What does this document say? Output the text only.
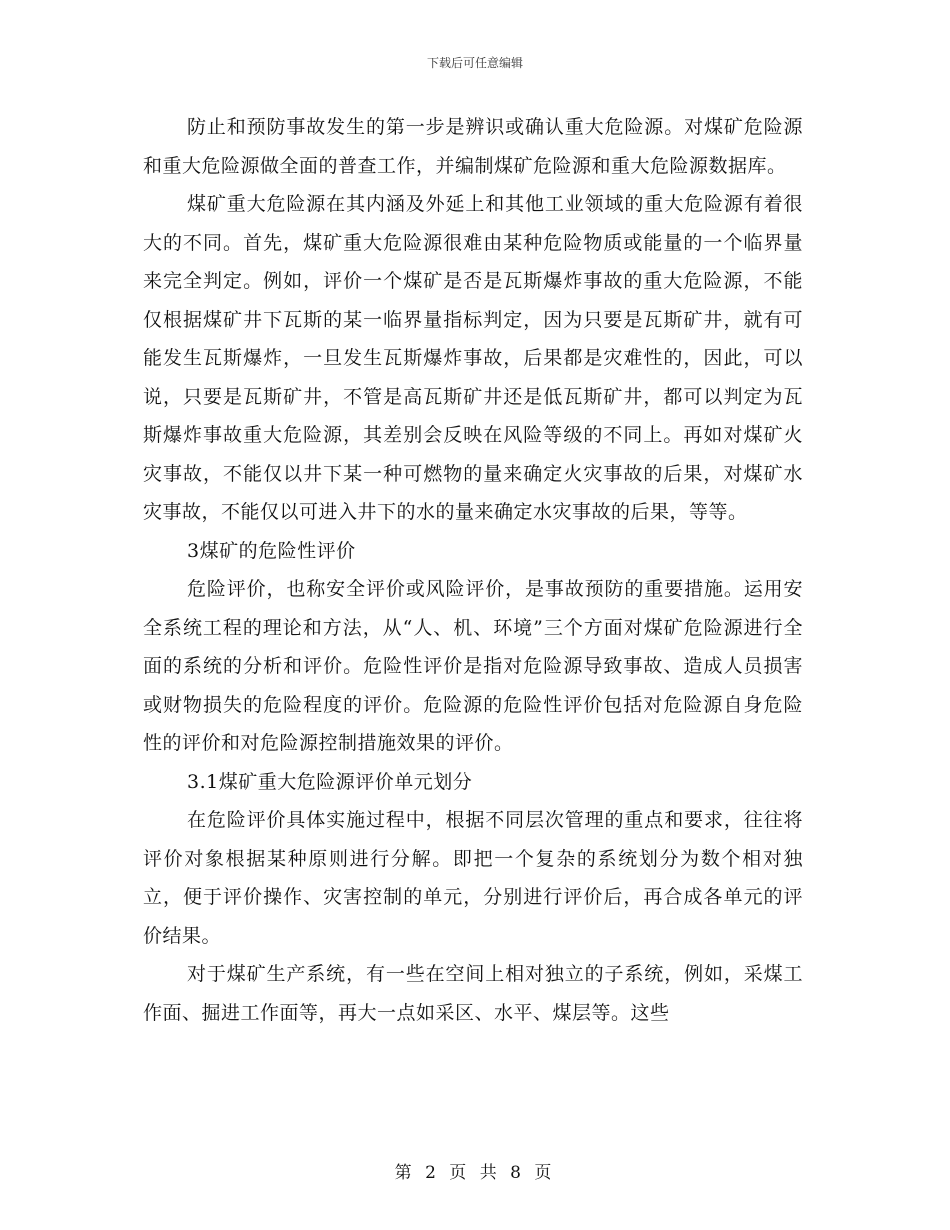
下载后可任意编辑

防止和预防事故发生的第一步是辨识或确认重大危险源。对煤矿危险源和重大危险源做全面的普查工作，并编制煤矿危险源和重大危险源数据库。

煤矿重大危险源在其内涵及外延上和其他工业领域的重大危险源有着很大的不同。首先，煤矿重大危险源很难由某种危险物质或能量的一个临界量来完全判定。例如，评价一个煤矿是否是瓦斯爆炸事故的重大危险源，不能仅根据煤矿井下瓦斯的某一临界量指标判定，因为只要是瓦斯矿井，就有可能发生瓦斯爆炸，一旦发生瓦斯爆炸事故，后果都是灾难性的，因此，可以说，只要是瓦斯矿井，不管是高瓦斯矿井还是低瓦斯矿井，都可以判定为瓦斯爆炸事故重大危险源，其差别会反映在风险等级的不同上。再如对煤矿火灾事故，不能仅以井下某一种可燃物的量来确定火灾事故的后果，对煤矿水灾事故，不能仅以可进入井下的水的量来确定水灾事故的后果，等等。

3煤矿的危险性评价

危险评价，也称安全评价或风险评价，是事故预防的重要措施。运用安全系统工程的理论和方法，从“人、机、环境”三个方面对煤矿危险源进行全面的系统的分析和评价。危险性评价是指对危险源导致事故、造成人员损害或财物损失的危险程度的评价。危险源的危险性评价包括对危险源自身危险性的评价和对危险源控制措施效果的评价。

3.1煤矿重大危险源评价单元划分

在危险评价具体实施过程中，根据不同层次管理的重点和要求，往往将评价对象根据某种原则进行分解。即把一个复杂的系统划分为数个相对独立，便于评价操作、灾害控制的单元，分别进行评价后，再合成各单元的评价结果。

对于煤矿生产系统，有一些在空间上相对独立的子系统，例如，采煤工作面、掘进工作面等，再大一点如采区、水平、煤层等。这些

第 2 页 共 8 页
